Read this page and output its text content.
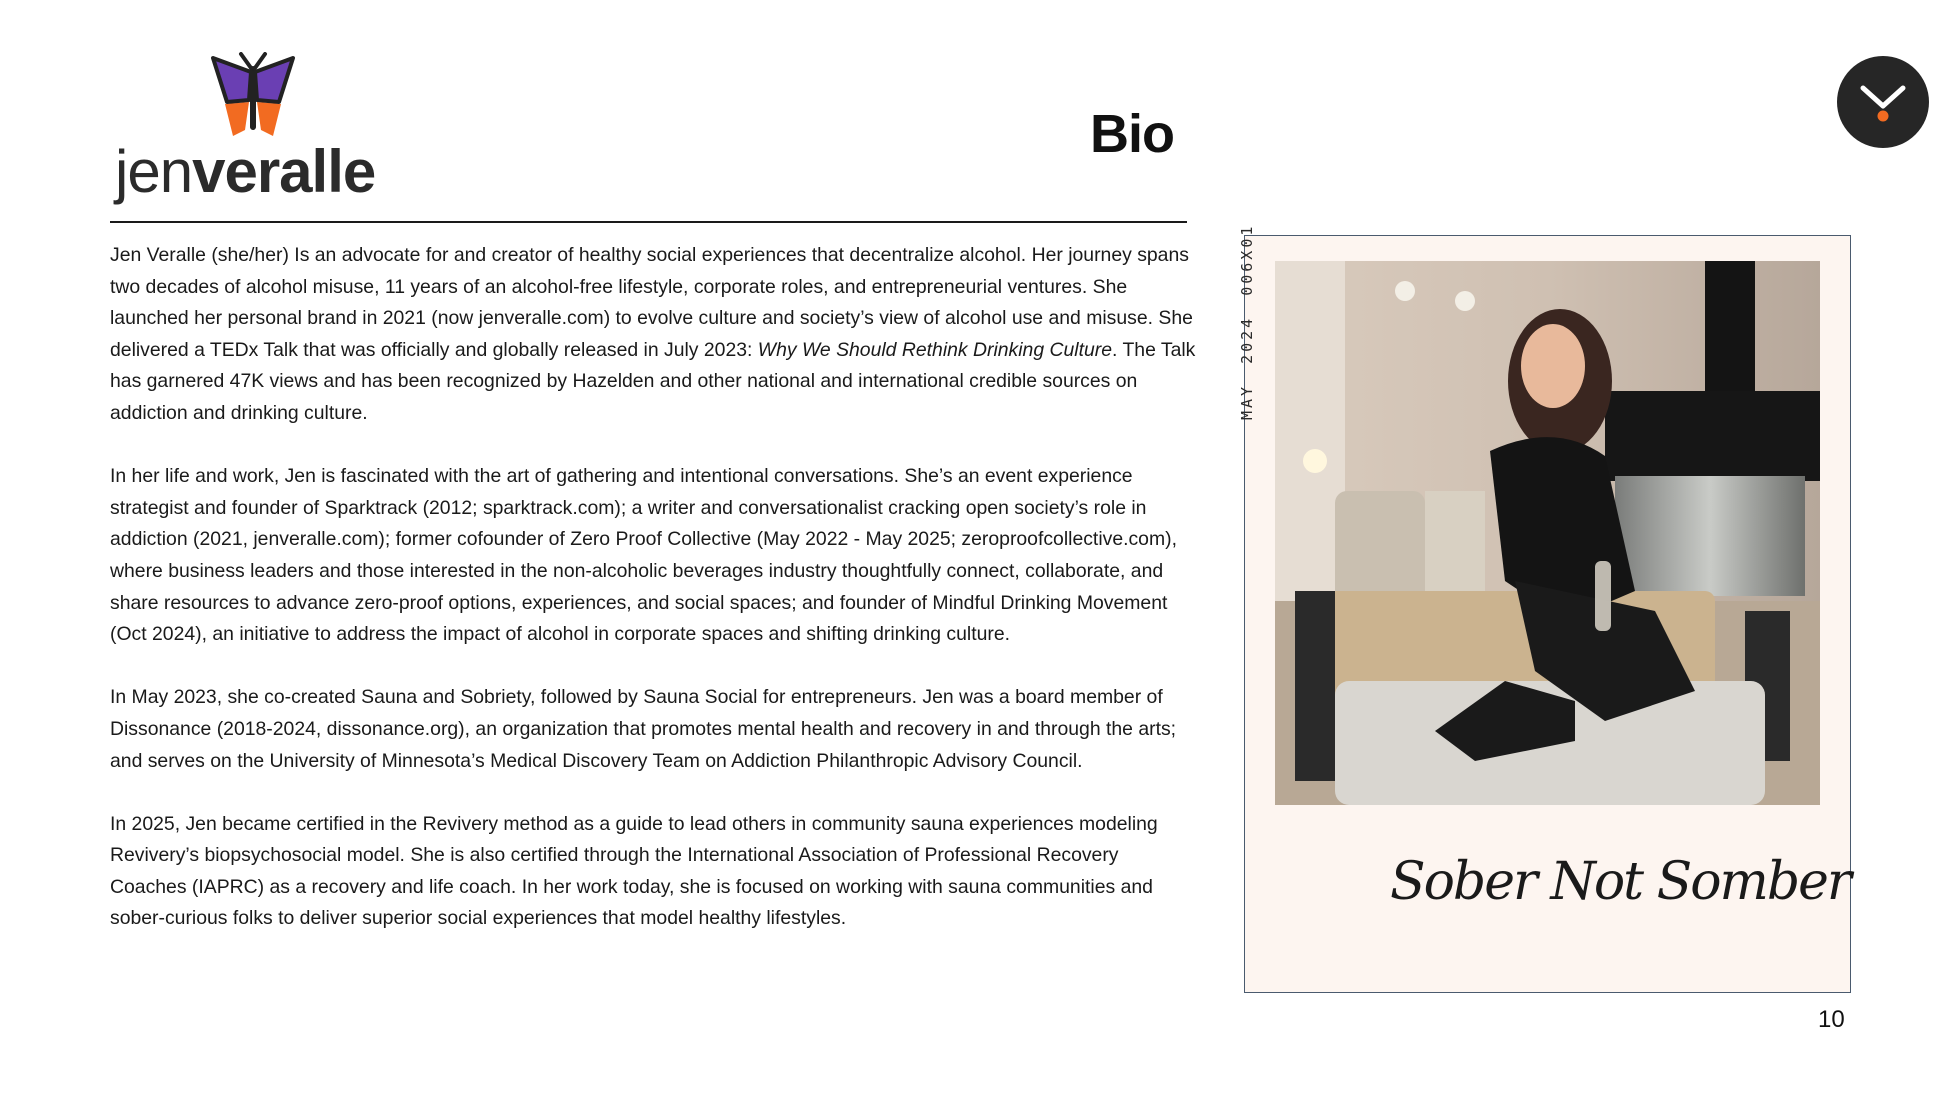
jenveralle
Bio

Jen Veralle (she/her) Is an advocate for and creator of healthy social experiences that decentralize alcohol. Her journey spans two decades of alcohol misuse, 11 years of an alcohol-free lifestyle, corporate roles, and entrepreneurial ventures. She launched her personal brand in 2021 (now jenveralle.com) to evolve culture and society’s view of alcohol use and misuse. She delivered a TEDx Talk that was officially and globally released in July 2023: Why We Should Rethink Drinking Culture. The Talk has garnered 47K views and has been recognized by Hazelden and other national and international credible sources on addiction and drinking culture.

In her life and work, Jen is fascinated with the art of gathering and intentional conversations. She’s an event experience strategist and founder of Sparktrack (2012; sparktrack.com); a writer and conversationalist cracking open society’s role in addiction (2021, jenveralle.com); former cofounder of Zero Proof Collective (May 2022 - May 2025; zeroproofcollective.com), where business leaders and those interested in the non-alcoholic beverages industry thoughtfully connect, collaborate, and share resources to advance zero-proof options, experiences, and social spaces; and founder of Mindful Drinking Movement (Oct 2024), an initiative to address the impact of alcohol in corporate spaces and shifting drinking culture.

In May 2023, she co-created Sauna and Sobriety, followed by Sauna Social for entrepreneurs. Jen was a board member of Dissonance (2018-2024, dissonance.org), an organization that promotes mental health and recovery in and through the arts; and serves on the University of Minnesota’s Medical Discovery Team on Addiction Philanthropic Advisory Council.

In 2025, Jen became certified in the Revivery method as a guide to lead others in community sauna experiences modeling Revivery’s biopsychosocial model. She is also certified through the International Association of Professional Recovery Coaches (IAPRC) as a recovery and life coach. In her work today, she is focused on working with sauna communities and sober-curious folks to deliver superior social experiences that model healthy lifestyles.

MAY2024006X01
Sober Not Somber
10
